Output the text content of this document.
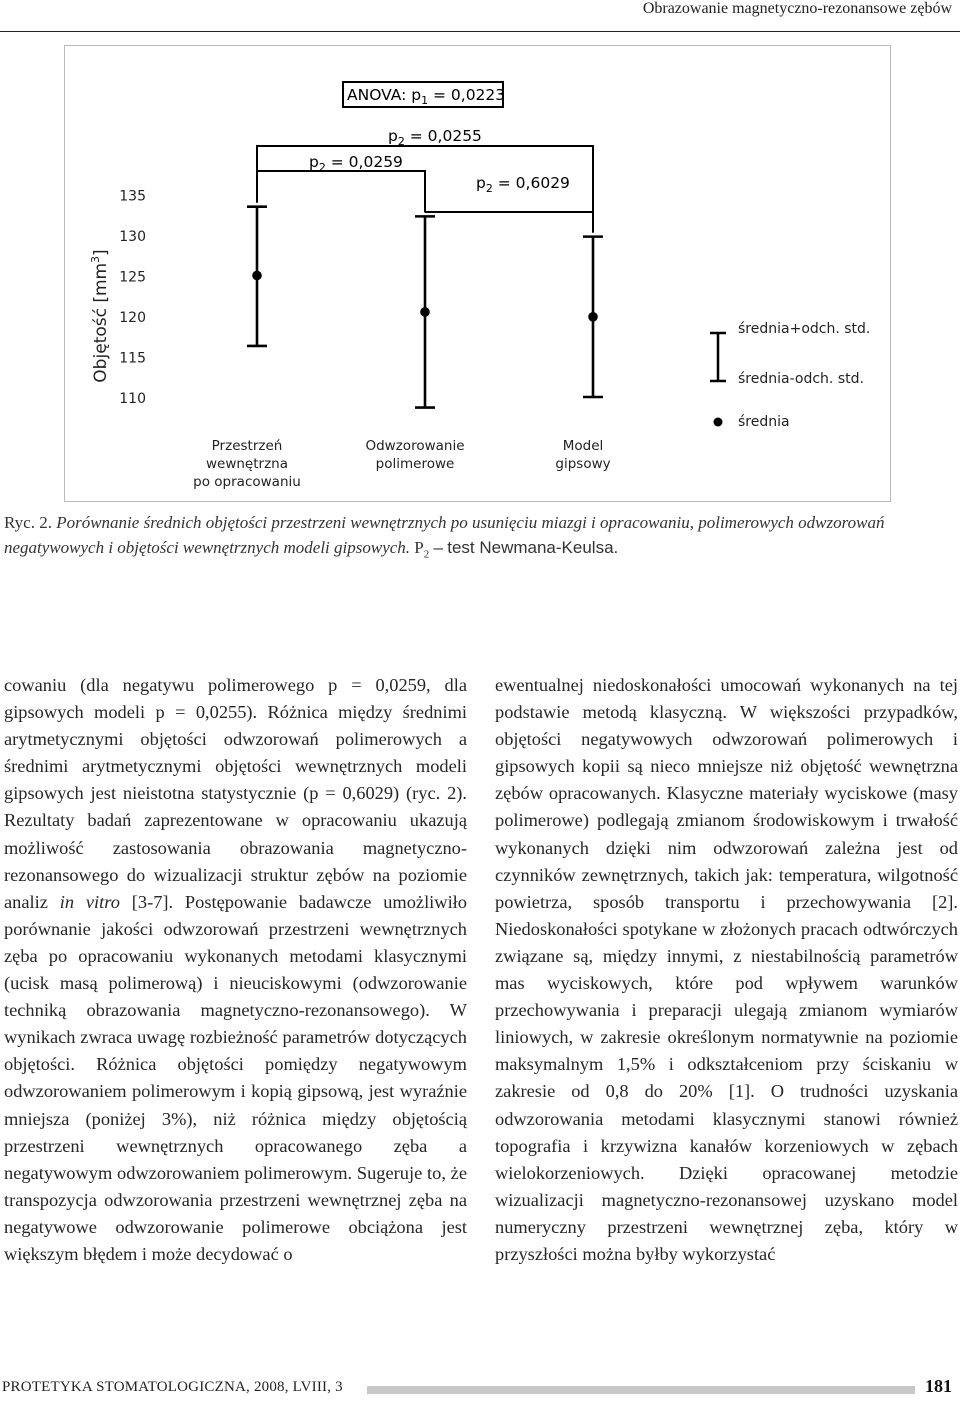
Obrazowanie magnetyczno-rezonansowe zębów
ANOVA: $p_1 = 0,0223$
$p_2 = 0,0255$
$p_2 = 0,0259$
$p_2 = 0,6029$
110
115
120
125
130
135
Objętość $[mm^3]$
Przestrzeń
wewnętrzna
po opracowaniu
Odwzorowanie
polimerowe
Model
gipsowy
średnia+odch. std.
średnia-odch. std.
średnia
Ryc. 2. Porównanie średnich objętości przestrzeni wewnętrznych po usunięciu miazgi i opracowaniu, polimerowych odwzorowań negatywowych i objętości wewnętrznych modeli gipsowych. $P_2$ – test Newmana-Keulsa.

cowaniu (dla negatywu polimerowego p = 0,0259, dla gipsowych modeli p = 0,0255). Różnica między średnimi arytmetycznymi objętości odwzorowań polimerowych a średnimi arytmetycznymi objętości wewnętrznych modeli gipsowych jest nieistotna statystycznie (p = 0,6029) (ryc. 2). Rezultaty badań zaprezentowane w opracowaniu ukazują możliwość zastosowania obrazowania magnetyczno-rezonansowego do wizualizacji struktur zębów na poziomie analiz in vitro [3-7]. Postępowanie badawcze umożliwiło porównanie jakości odwzorowań przestrzeni wewnętrznych zęba po opracowaniu wykonanych metodami klasycznymi (ucisk masą polimerową) i nieuciskowymi (odwzorowanie techniką obrazowania magnetyczno-rezonansowego). W wynikach zwraca uwagę rozbieżność parametrów dotyczących objętości. Różnica objętości pomiędzy negatywowym odwzorowaniem polimerowym i kopią gipsową, jest wyraźnie mniejsza (poniżej 3%), niż różnica między objętością przestrzeni wewnętrznych opracowanego zęba a negatywowym odwzorowaniem polimerowym. Sugeruje to, że transpozycja odwzorowania przestrzeni wewnętrznej zęba na negatywowe odwzorowanie polimerowe obciążona jest większym błędem i może decydować o

ewentualnej niedoskonałości umocowań wykonanych na tej podstawie metodą klasyczną. W większości przypadków, objętości negatywowych odwzorowań polimerowych i gipsowych kopii są nieco mniejsze niż objętość wewnętrzna zębów opracowanych. Klasyczne materiały wyciskowe (masy polimerowe) podlegają zmianom środowiskowym i trwałość wykonanych dzięki nim odwzorowań zależna jest od czynników zewnętrznych, takich jak: temperatura, wilgotność powietrza, sposób transportu i przechowywania [2]. Niedoskonałości spotykane w złożonych pracach odtwórczych związane są, między innymi, z niestabilnością parametrów mas wyciskowych, które pod wpływem warunków przechowywania i preparacji ulegają zmianom wymiarów liniowych, w zakresie określonym normatywnie na poziomie maksymalnym 1,5% i odkształceniom przy ściskaniu w zakresie od 0,8 do 20% [1]. O trudności uzyskania odwzorowania metodami klasycznymi stanowi również topografia i krzywizna kanałów korzeniowych w zębach wielokorzeniowych. Dzięki opracowanej metodzie wizualizacji magnetyczno-rezonansowej uzyskano model numeryczny przestrzeni wewnętrznej zęba, który w przyszłości można byłby wykorzystać

PROTETYKA STOMATOLOGICZNA, 2008, LVIII, 3	181
